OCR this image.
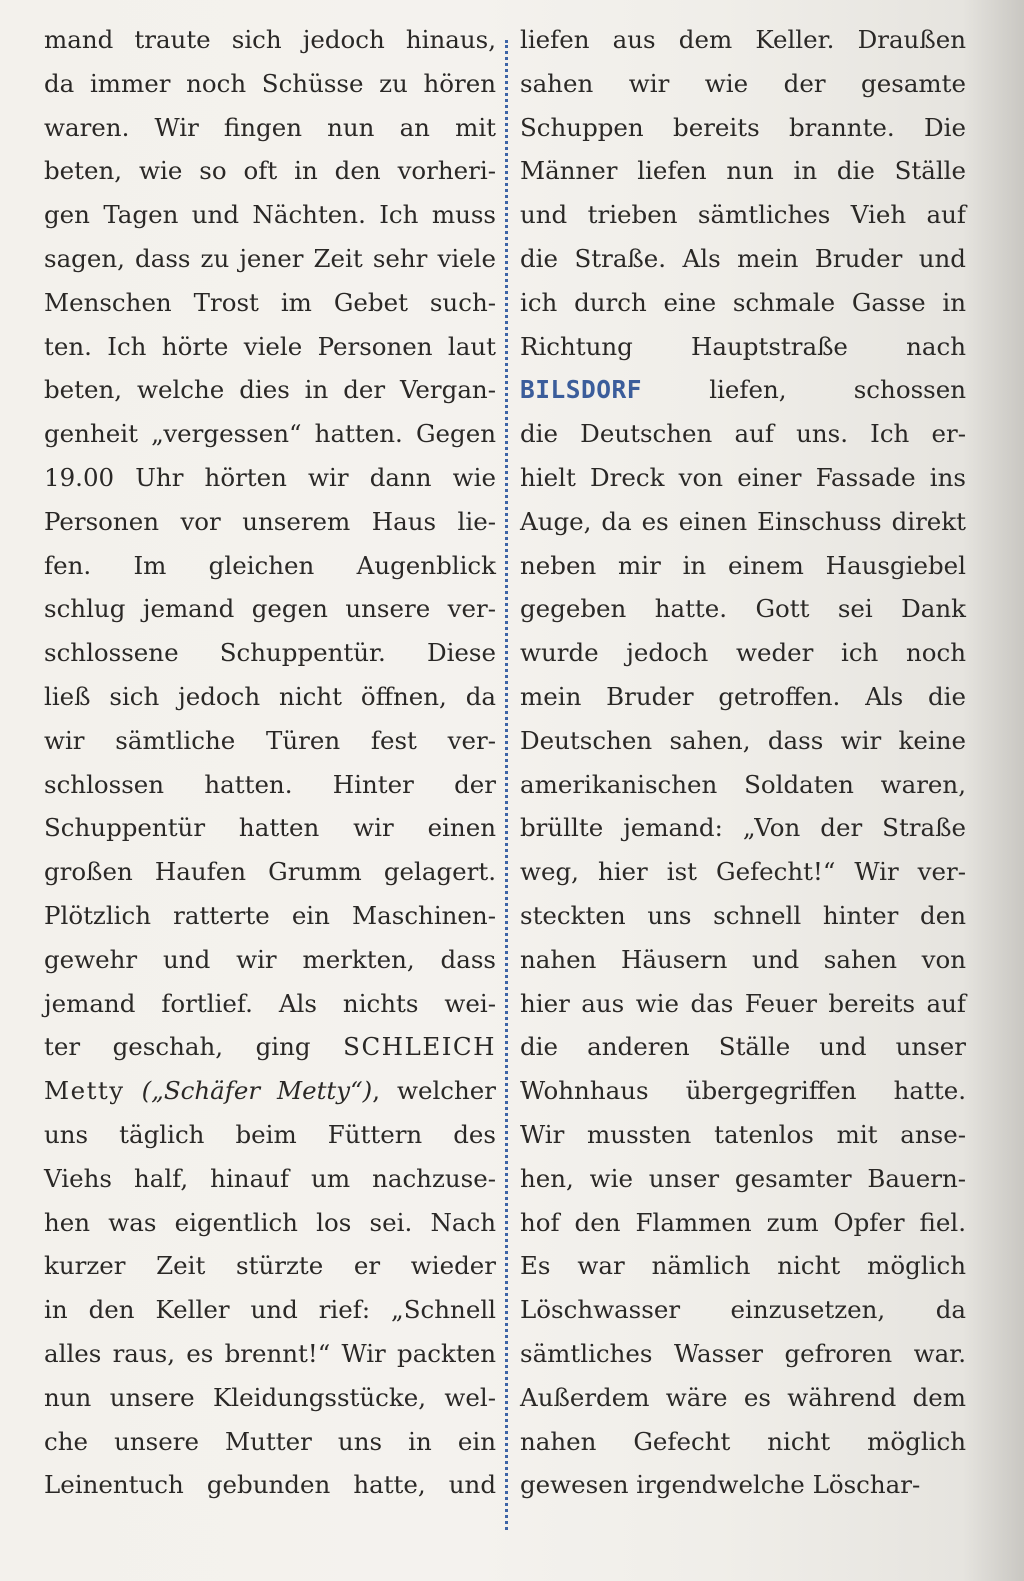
mand traute sich jedoch hinaus,
da immer noch Schüsse zu hören
waren. Wir fingen nun an mit
beten, wie so oft in den vorheri-
gen Tagen und Nächten. Ich muss
sagen, dass zu jener Zeit sehr viele
Menschen Trost im Gebet such-
ten. Ich hörte viele Personen laut
beten, welche dies in der Vergan-
genheit „vergessen“ hatten. Gegen
19.00 Uhr hörten wir dann wie
Personen vor unserem Haus lie-
fen. Im gleichen Augenblick
schlug jemand gegen unsere ver-
schlossene Schuppentür. Diese
ließ sich jedoch nicht öffnen, da
wir sämtliche Türen fest ver-
schlossen hatten. Hinter der
Schuppentür hatten wir einen
großen Haufen Grumm gelagert.
Plötzlich ratterte ein Maschinen-
gewehr und wir merkten, dass
jemand fortlief. Als nichts wei-
ter geschah, ging SCHLEICH
Metty („Schäfer Metty“), welcher
uns täglich beim Füttern des
Viehs half, hinauf um nachzuse-
hen was eigentlich los sei. Nach
kurzer Zeit stürzte er wieder
in den Keller und rief: „Schnell
alles raus, es brennt!“ Wir packten
nun unsere Kleidungsstücke, wel-
che unsere Mutter uns in ein
Leinentuch gebunden hatte, und
liefen aus dem Keller. Draußen
sahen wir wie der gesamte
Schuppen bereits brannte. Die
Männer liefen nun in die Ställe
und trieben sämtliches Vieh auf
die Straße. Als mein Bruder und
ich durch eine schmale Gasse in
Richtung Hauptstraße nach
BILSDORF liefen, schossen
die Deutschen auf uns. Ich er-
hielt Dreck von einer Fassade ins
Auge, da es einen Einschuss direkt
neben mir in einem Hausgiebel
gegeben hatte. Gott sei Dank
wurde jedoch weder ich noch
mein Bruder getroffen. Als die
Deutschen sahen, dass wir keine
amerikanischen Soldaten waren,
brüllte jemand: „Von der Straße
weg, hier ist Gefecht!“ Wir ver-
steckten uns schnell hinter den
nahen Häusern und sahen von
hier aus wie das Feuer bereits auf
die anderen Ställe und unser
Wohnhaus übergegriffen hatte.
Wir mussten tatenlos mit anse-
hen, wie unser gesamter Bauern-
hof den Flammen zum Opfer fiel.
Es war nämlich nicht möglich
Löschwasser einzusetzen, da
sämtliches Wasser gefroren war.
Außerdem wäre es während dem
nahen Gefecht nicht möglich
gewesen irgendwelche Löschar-
